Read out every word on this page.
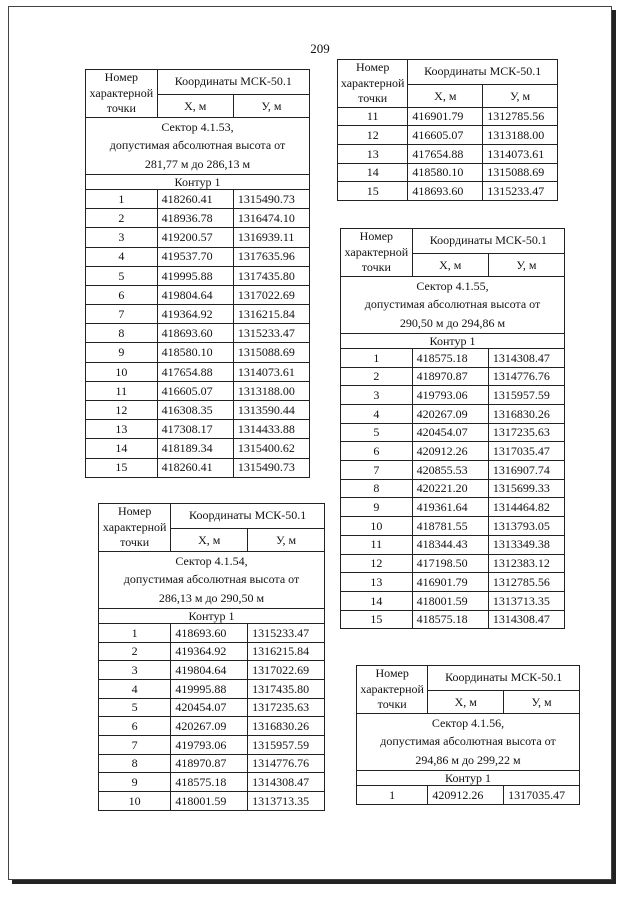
209
Номер характерной точки	Координаты МСК-50.1	
	X, м	У, м

Сектор 4.1.53,
допустимая абсолютная высота от
281,77 м до 286,13 м		

Контур 1		
1	418260.41	1315490.73
2	418936.78	1316474.10
3	419200.57	1316939.11
4	419537.70	1317635.96
5	419995.88	1317435.80
6	419804.64	1317022.69
7	419364.92	1316215.84
8	418693.60	1315233.47
9	418580.10	1315088.69
10	417654.88	1314073.61
11	416605.07	1313188.00
12	416308.35	1313590.44
13	417308.17	1314433.88
14	418189.34	1315400.62
15	418260.41	1315490.73
Номер характерной точки	Координаты МСК-50.1	
	X, м	У, м

Сектор 4.1.54,
допустимая абсолютная высота от
286,13 м до 290,50 м		

Контур 1		
1	418693.60	1315233.47
2	419364.92	1316215.84
3	419804.64	1317022.69
4	419995.88	1317435.80
5	420454.07	1317235.63
6	420267.09	1316830.26
7	419793.06	1315957.59
8	418970.87	1314776.76
9	418575.18	1314308.47
10	418001.59	1313713.35
Номер характерной точки	Координаты МСК-50.1	
	X, м	У, м
11	416901.79	1312785.56
12	416605.07	1313188.00
13	417654.88	1314073.61
14	418580.10	1315088.69
15	418693.60	1315233.47
Номер характерной точки	Координаты МСК-50.1	
	X, м	У, м

Сектор 4.1.55,
допустимая абсолютная высота от
290,50 м до 294,86 м		

Контур 1		
1	418575.18	1314308.47
2	418970.87	1314776.76
3	419793.06	1315957.59
4	420267.09	1316830.26
5	420454.07	1317235.63
6	420912.26	1317035.47
7	420855.53	1316907.74
8	420221.20	1315699.33
9	419361.64	1314464.82
10	418781.55	1313793.05
11	418344.43	1313349.38
12	417198.50	1312383.12
13	416901.79	1312785.56
14	418001.59	1313713.35
15	418575.18	1314308.47
Номер характерной точки	Координаты МСК-50.1	
	X, м	У, м

Сектор 4.1.56,
допустимая абсолютная высота от
294,86 м до 299,22 м		

Контур 1		
1	420912.26	1317035.47
